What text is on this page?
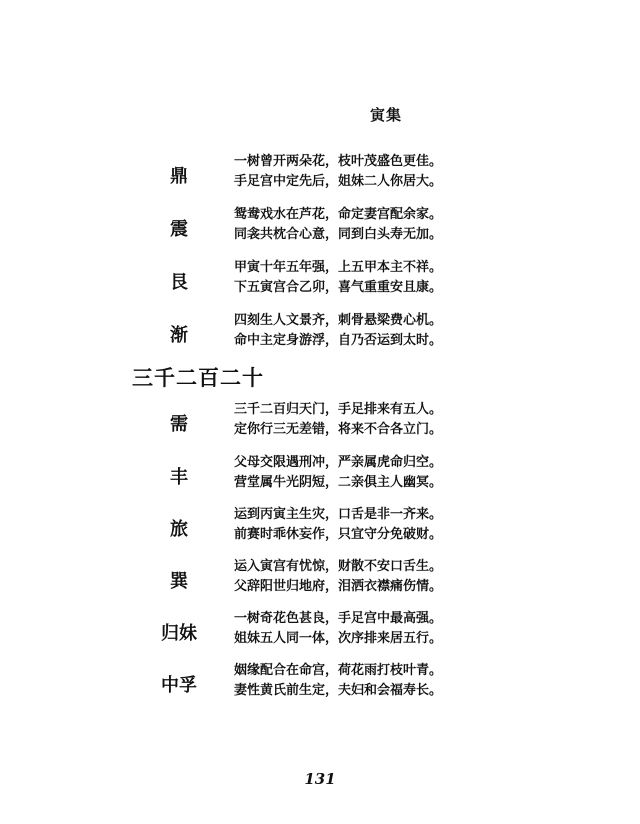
寅集
鼎
一树曾开两朵花，枝叶茂盛色更佳。
手足宫中定先后，姐妹二人你居大。
震
鸳鸯戏水在芦花，命定妻宫配余家。
同衾共枕合心意，同到白头寿无加。
艮
甲寅十年五年强，上五甲本主不祥。
下五寅宫合乙卯，喜气重重安且康。
渐
四刻生人文景齐，刺骨悬梁费心机。
命中主定身游浮，自乃否运到太时。
三千二百二十
需
三千二百归天门，手足排来有五人。
定你行三无差错，将来不合各立门。
丰
父母交限遇刑冲，严亲属虎命归空。
营堂属牛光阴短，二亲俱主人幽冥。
旅
运到丙寅主生灾，口舌是非一齐来。
前赛时乖休妄作，只宜守分免破财。
巽
运入寅宫有忧惊，财散不安口舌生。
父辞阳世归地府，泪洒衣襟痛伤情。
归妹
一树奇花色甚良，手足宫中最高强。
姐妹五人同一体，次序排来居五行。
中孚
姻缘配合在命宫，荷花雨打枝叶青。
妻性黄氏前生定，夫妇和会福寿长。
131
